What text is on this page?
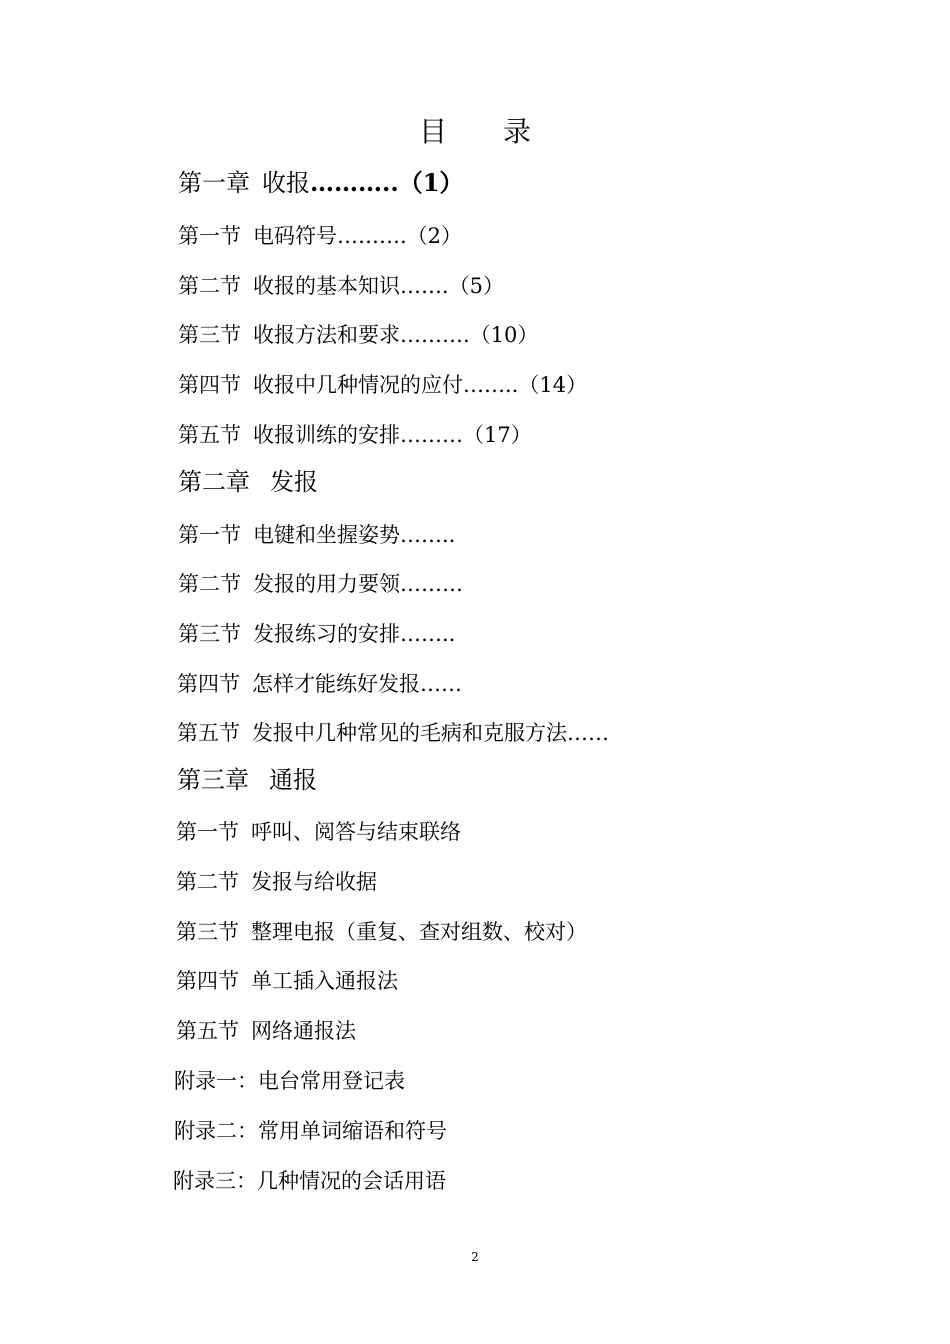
目 录
第一章 收报………..（1）
第一节 电码符号……….（2）
第二节 收报的基本知识…….（5）
第三节 收报方法和要求……….（10）
第四节 收报中几种情况的应付……..（14）
第五节 收报训练的安排………（17）
第二章 发报
第一节 电键和坐握姿势……..
第二节 发报的用力要领………
第三节 发报练习的安排……..
第四节 怎样才能练好发报……
第五节 发报中几种常见的毛病和克服方法……
第三章 通报
第一节 呼叫、阅答与结束联络
第二节 发报与给收据
第三节 整理电报（重复、查对组数、校对）
第四节 单工插入通报法
第五节 网络通报法
附录一：电台常用登记表
附录二：常用单词缩语和符号
附录三：几种情况的会话用语
2
